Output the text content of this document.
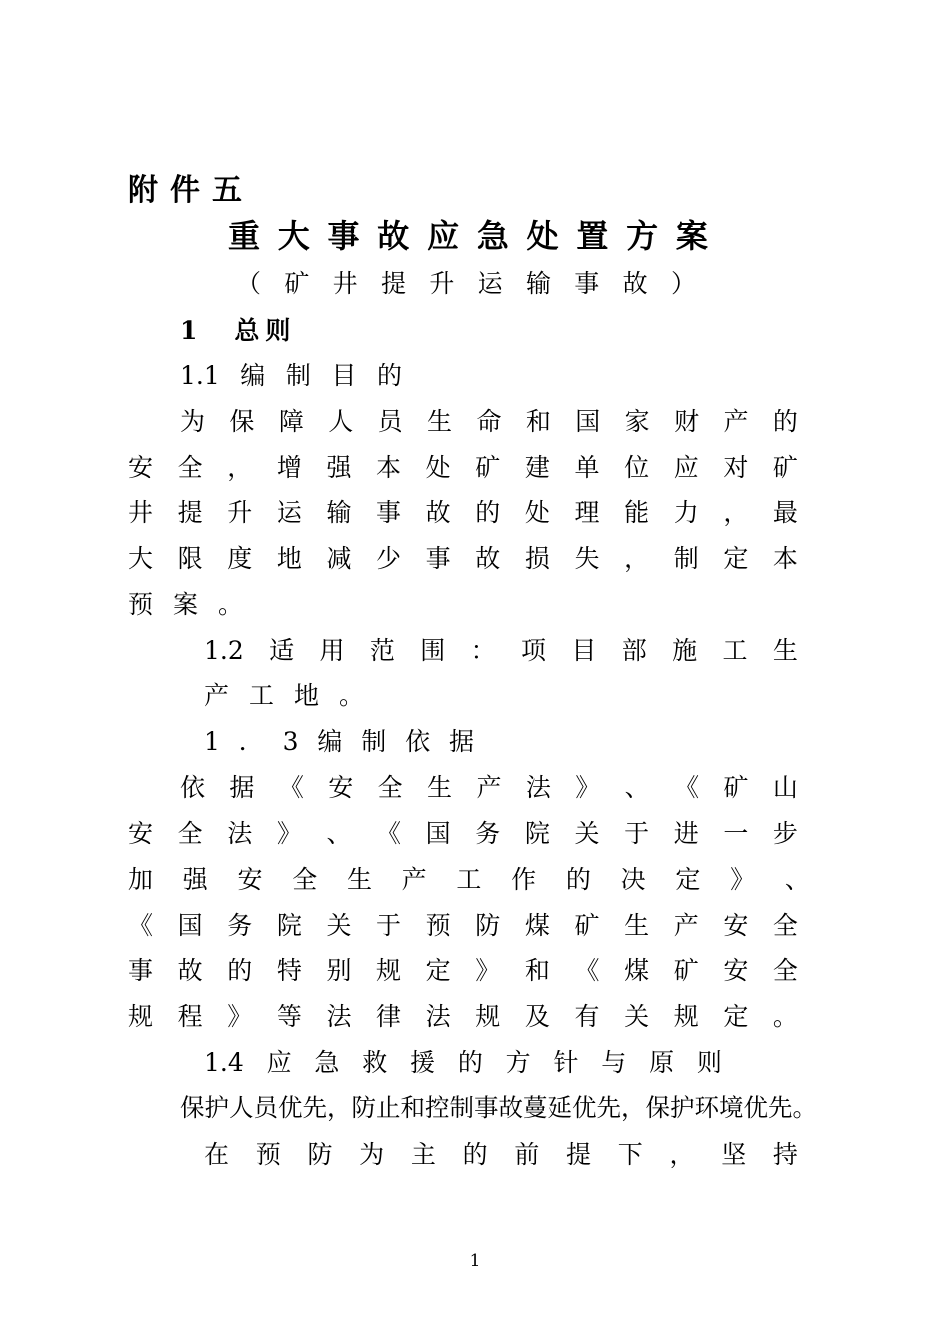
附件五
重 大 事 故 应 急 处 置 方 案
（ 矿 井 提 升 运 输 事 故 ）
1　总则
1.1 编 制 目 的
为 保 障 人 员 生 命 和 国 家 财 产 的
安 全 ， 增 强 本 处 矿 建 单 位 应 对 矿
井 提 升 运 输 事 故 的 处 理 能 力 ， 最
大 限 度 地 减 少 事 故 损 失 ， 制 定 本
预 案 。
1.2 适 用 范 围 ： 项 目 部 施 工 生
产 工 地 。
1 ． 3 编 制 依 据
依 据 《 安 全 生 产 法 》 、 《 矿 山
安 全 法 》 、 《 国 务 院 关 于 进 一 步
加 强 安 全 生 产 工 作 的 决 定 》 、
《 国 务 院 关 于 预 防 煤 矿 生 产 安 全
事 故 的 特 别 规 定 》 和 《 煤 矿 安 全
规 程 》 等 法 律 法 规 及 有 关 规 定 。
1.4 应 急 救 援 的 方 针 与 原 则
保护人员优先，防止和控制事故蔓延优先，保护环境优先。
在 预 防 为 主 的 前 提 下 ， 坚 持
1
